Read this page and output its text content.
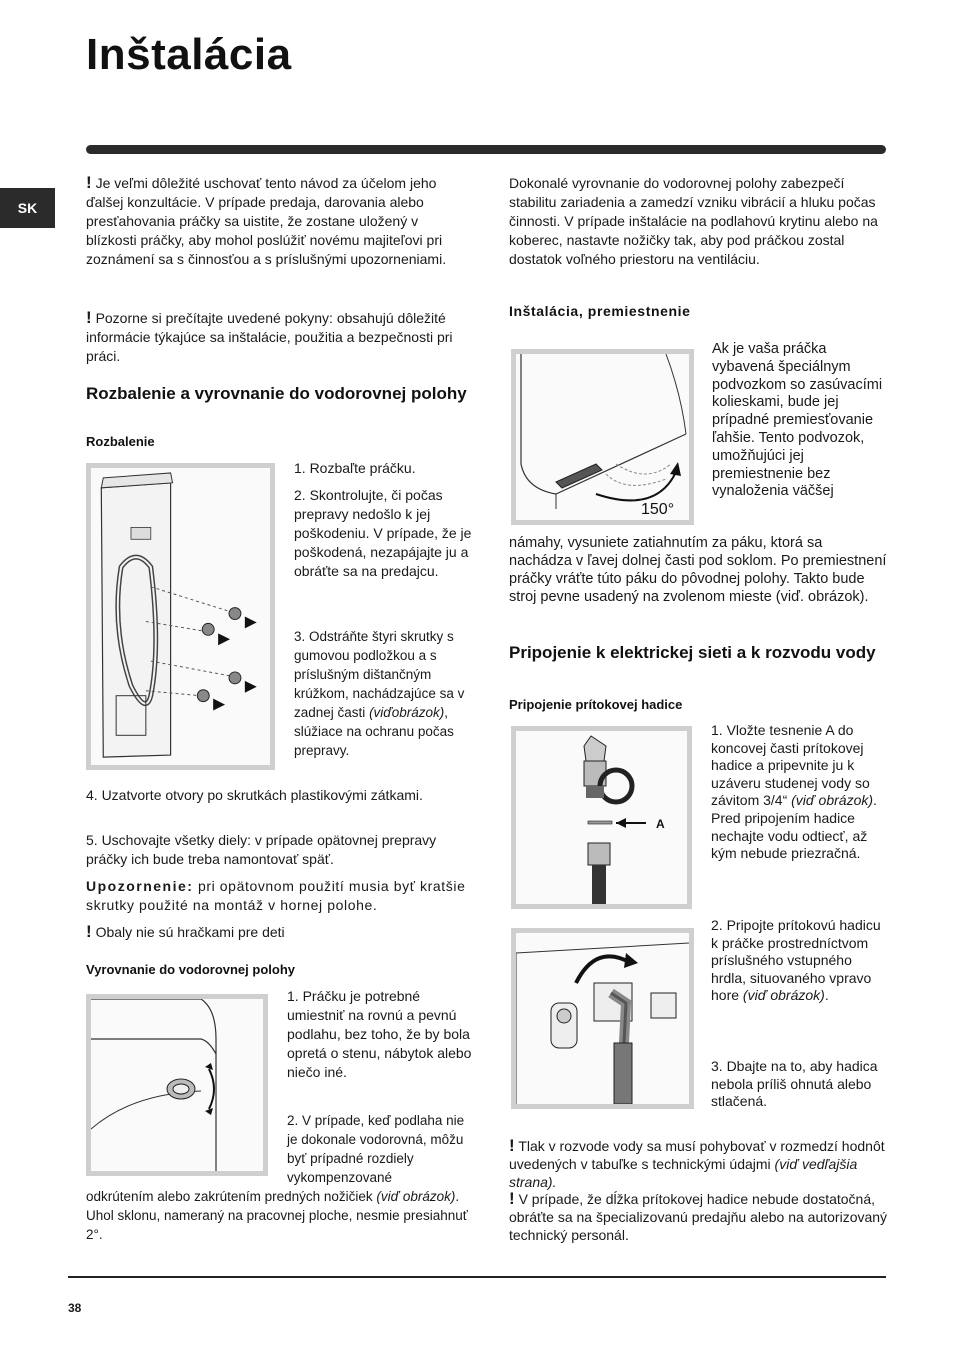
Inštalácia
SK

! Je veľmi dôležité uschovať tento návod za účelom jeho ďalšej konzultácie. V prípade predaja, darovania alebo presťahovania práčky sa uistite, že zostane uložený v blízkosti práčky, aby mohol poslúžiť novému majiteľovi pri zoznámení sa s činnosťou a s príslušnými upozorneniami.

! Pozorne si prečítajte uvedené pokyny: obsahujú dôležité informácie týkajúce sa inštalácie, použitia a bezpečnosti pri práci.

Rozbalenie a vyrovnanie do vodorovnej polohy
Rozbalenie

1. Rozbaľte práčku.

2. Skontrolujte, či počas prepravy nedošlo k jej poškodeniu. V prípade, že je poškodená, nezapájajte ju a obráťte sa na predajcu.

3. Odstráňte štyri skrutky s gumovou podložkou a s príslušným dištančným krúžkom, nachádzajúce sa v zadnej časti (viďobrázok), slúžiace na ochranu počas prepravy.

4. Uzatvorte otvory po skrutkách plastikovými zátkami.

5. Uschovajte všetky diely: v prípade opätovnej prepravy práčky ich bude treba namontovať späť.

Upozornenie: pri opätovnom použití musia byť kratšie skrutky použité na montáž v hornej polohe.

! Obaly nie sú hračkami pre deti

Vyrovnanie do vodorovnej polohy

1. Práčku je potrebné umiestniť na rovnú a pevnú podlahu, bez toho, že by bola opretá o stenu, nábytok alebo niečo iné.

2. V prípade, keď podlaha nie je dokonale vodorovná, môžu byť prípadné rozdiely vykompenzované

odkrútením alebo zakrútením predných nožičiek (viď obrázok). Uhol sklonu, nameraný na pracovnej ploche, nesmie presiahnuť 2°.

Dokonalé vyrovnanie do vodorovnej polohy zabezpečí stabilitu zariadenia a zamedzí vzniku vibrácií a hluku počas činnosti. V prípade inštalácie na podlahovú krytinu alebo na koberec, nastavte nožičky tak, aby pod práčkou zostal dostatok voľného priestoru na ventiláciu.

Inštalácia, premiestnenie
150°

Ak je vaša práčka vybavená špeciálnym podvozkom so zasúvacími kolieskami, bude jej prípadné premiesťovanie ľahšie. Tento podvozok, umožňujúci jej premiestnenie bez vynaloženia väčšej

námahy, vysuniete zatiahnutím za páku, ktorá sa nachádza v ľavej dolnej časti pod soklom. Po premiestnení práčky vráťte túto páku do pôvodnej polohy. Takto bude stroj pevne usadený na zvolenom mieste (viď. obrázok).

Pripojenie k elektrickej sieti a k rozvodu vody
Pripojenie prítokovej hadice
A

1. Vložte tesnenie A do koncovej časti prítokovej hadice a pripevnite ju k uzáveru studenej vody so závitom 3/4“ (viď obrázok). Pred pripojením hadice nechajte vodu odtiecť, až kým nebude priezračná.

2. Pripojte prítokovú hadicu k práčke prostredníctvom príslušného vstupného hrdla, situovaného vpravo hore (viď obrázok).

3. Dbajte na to, aby hadica nebola príliš ohnutá alebo stlačená.

! Tlak v rozvode vody sa musí pohybovať v rozmedzí hodnôt uvedených v tabuľke s technickými údajmi (viď vedľajšia strana).

! V prípade, že dĺžka prítokovej hadice nebude dostatočná, obráťte sa na špecializovanú predajňu alebo na autorizovaný technický personál.

38
